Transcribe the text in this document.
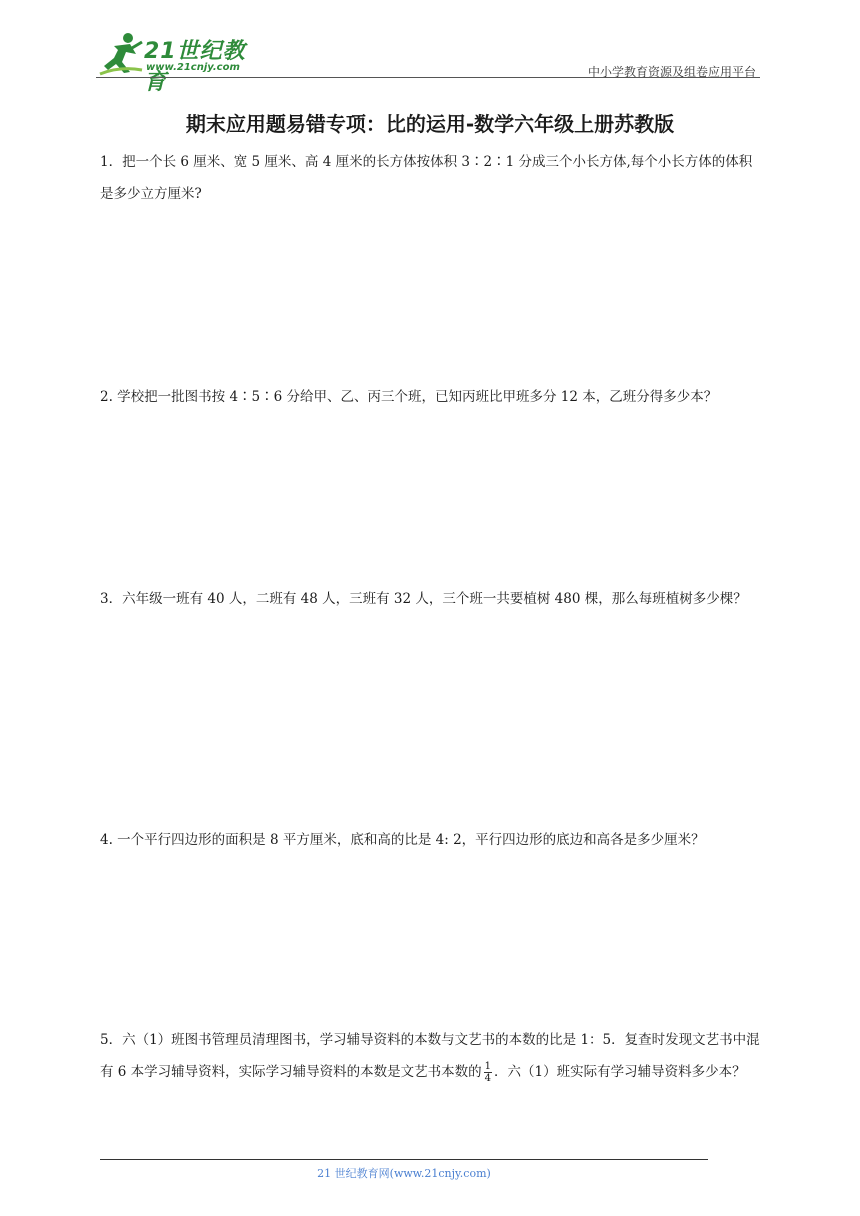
21世纪教育
www.21cnjy.com	中小学教育资源及组卷应用平台
期末应用题易错专项：比的运用-数学六年级上册苏教版
1．把一个长 6 厘米、宽 5 厘米、高 4 厘米的长方体按体积 3∶2∶1 分成三个小长方体,每个小长方体的体积是多少立方厘米?
2. 学校把一批图书按 4∶5∶6 分给甲、乙、丙三个班，已知丙班比甲班多分 12 本，乙班分得多少本？
3．六年级一班有 40 人，二班有 48 人，三班有 32 人，三个班一共要植树 480 棵，那么每班植树多少棵？
4. 一个平行四边形的面积是 8 平方厘米，底和高的比是 4: 2，平行四边形的底边和高各是多少厘米？
5．六（1）班图书管理员清理图书，学习辅导资料的本数与文艺书的本数的比是 1：5．复查时发现文艺书中混有 6 本学习辅导资料，实际学习辅导资料的本数是文艺书本数的 $\frac{1}{4}$ ．六（1）班实际有学习辅导资料多少本？
21 世纪教育网(www.21cnjy.com)
